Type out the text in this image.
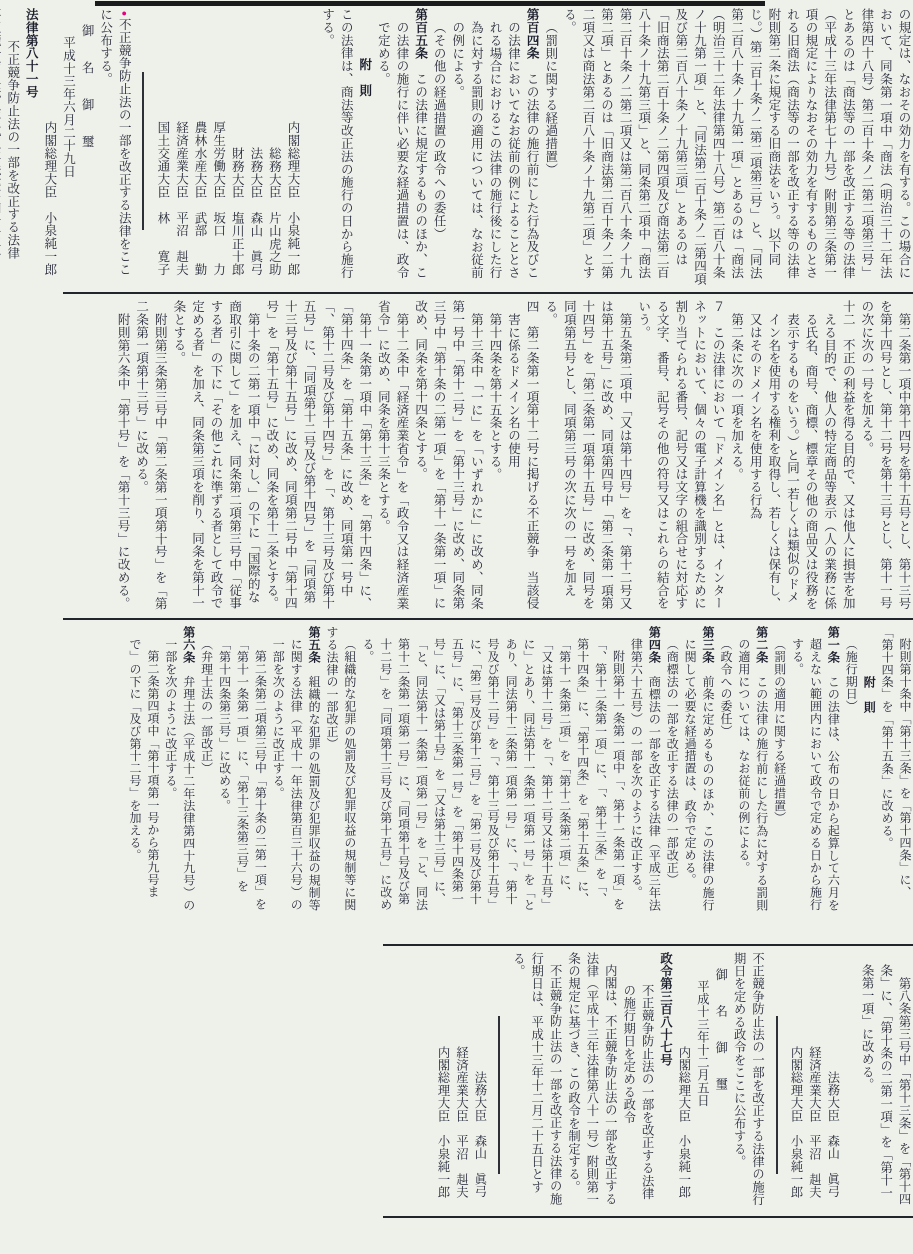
の規定は、なおその効力を有する。この場合において、同条第一項中「商法（明治三十二年法律第四十八号）第二百十条ノ二第二項第三号」とあるのは「商法等の一部を改正する等の法律（平成十三年法律第七十九号）附則第三条第一項の規定によりなおその効力を有するものとされる旧商法（商法等の一部を改正する等の法律附則第二条に規定する旧商法をいう。以下同じ。）第二百十条ノ二第二項第三号」と、「同法第二百八十条ノ十九第一項」とあるのは「商法（明治三十二年法律第四十八号）第二百八十条ノ十九第一項」と、「同法第二百十条ノ二第四項及び第二百八十条ノ十九第三項」とあるのは「旧商法第二百十条ノ二第四項及び商法第二百八十条ノ十九第三項」と、同条第二項中「商法第二百十条ノ二第二項又は第二百八十条ノ十九第二項」とあるのは「旧商法第二百十条ノ二第二項又は商法第二百八十条ノ十九第二項」とする。
（罰則に関する経過措置）
第百四条　この法律の施行前にした行為及びこの法律においてなお従前の例によることとされる場合におけるこの法律の施行後にした行為に対する罰則の適用については、なお従前の例による。
（その他の経過措置の政令への委任）
第百五条　この法律に規定するもののほか、この法律の施行に伴い必要な経過措置は、政令で定める。
附　則
この法律は、商法等改正法の施行の日から施行する。
内閣総理大臣　小泉純一郎
総務大臣　片山虎之助
法務大臣　森山　眞弓
財務大臣　塩川正十郎
厚生労働大臣　坂口　　力
農林水産大臣　武部　　勤
経済産業大臣　平沼　赳夫
国土交通大臣　林　　寛子
●不正競争防止法の一部を改正する法律をここに公布する。
御　名　御　璽
平成十三年六月二十九日
内閣総理大臣　小泉純一郎
法律第八十一号
不正競争防止法の一部を改正する法律
第二条第一項中第十四号を第十五号とし、第十三号を第十四号とし、第十二号を第十三号とし、第十一号の次に次の一号を加える。
十二　不正の利益を得る目的で、又は他人に損害を加える目的で、他人の特定商品等表示（人の業務に係る氏名、商号、商標、標章その他の商品又は役務を表示するものをいう。）と同一若しくは類似のドメイン名を使用する権利を取得し、若しくは保有し、又はそのドメイン名を使用する行為
第二条に次の一項を加える。
７　この法律において「ドメイン名」とは、インターネットにおいて、個々の電子計算機を識別するために割り当てられる番号、記号又は文字の組合せに対応する文字、番号、記号その他の符号又はこれらの結合をいう。
第五条第二項中「又は第十四号」を「、第十二号又は第十五号」に改め、同項第四号中「第二条第一項第十四号」を「第二条第一項第十五号」に改め、同号を同項第五号とし、同項第三号の次に次の一号を加える。
四　第二条第一項第十二号に掲げる不正競争　当該侵害に係るドメイン名の使用
第十四条を第十五条とする。
第十三条中「一に」を「いずれかに」に改め、同条第一号中「第十二号」を「第十三号」に改め、同条第三号中「第十条の二第一項」を「第十一条第一項」に改め、同条を第十四条とする。
第十二条中「経済産業省令」を「政令又は経済産業省令」に改め、同条を第十三条とする。
第十一条第一項中「第十三条」を「第十四条」に、「第十四条」を「第十五条」に改め、同項第一号中「、第十二号及び第十四号」を「、第十三号及び第十五号」に、「同項第十二号及び第十四号」を「同項第十三号及び第十五号」に改め、同項第二号中「第十四号」を「第十五号」に改め、同条を第十二条とする。
第十条の二第一項中「に対し、」の下に「国際的な商取引に関して」を加え、同条第二項第三号中「従事する者」の下に「その他これに準ずる者として政令で定める者」を加え、同条第三項を削り、同条を第十一条とする。
附則第三条第三号中「第二条第一項第十号」を「第二条第一項第十三号」に改める。
附則第六条中「第十号」を「第十三号」に改める。
附則第十条中「第十三条」を「第十四条」に、「第十四条」を「第十五条」に改める。
附　則
（施行期日）
第一条　この法律は、公布の日から起算して六月を超えない範囲内において政令で定める日から施行する。
（罰則の適用に関する経過措置）
第二条　この法律の施行前にした行為に対する罰則の適用については、なお従前の例による。
（政令への委任）
第三条　前条に定めるもののほか、この法律の施行に関して必要な経過措置は、政令で定める。
（商標法の一部を改正する法律の一部改正）
第四条　商標法の一部を改正する法律（平成三年法律第六十五号）の一部を次のように改正する。
附則第十一条第一項中「、第十一条第一項」を「、第十二条第一項」に、「、第十三条」を「、第十四条」に、「第十四条」を「第十五条」に、「第十一条第二項」を「第十二条第二項」に、「又は第十二号」を「、第十二号又は第十五号」に」とあり、同法第十一条第一項第一号」を「とあり、同法第十二条第一項第一号」に、「、第十号及び第十二号」を「、第十三号及び第十五号」に、「第二号及び第十二号」を「第二号及び第十五号」に、「第十三条第一号」を「第十四条第一号」に、「又は第十号」を「又は第十三号」に、「と、同法第十一条第一項第一号」を「と、同法第十二条第一項第一号」に、「同項第十号及び第十二号」を「同項第十三号及び第十五号」に改める。
（組織的な犯罪の処罰及び犯罪収益の規制等に関する法律の一部改正）
第五条　組織的な犯罪の処罰及び犯罪収益の規制等に関する法律（平成十一年法律第百三十六号）の一部を次のように改正する。
第二条第二項第三号中「第十条の二第一項」を「第十一条第一項」に、「第十三条第三号」を「第十四条第三号」に改める。
（弁理士法の一部改正）
第六条　弁理士法（平成十二年法律第四十九号）の一部を次のように改正する。
第二条第四項中「第十項第一号から第九号まで」の下に「及び第十二号」を加える。
第八条第三号中「第十三条」を「第十四条」に、「第十条の二第一項」を「第十一条第一項」に改める。
法務大臣　森山　眞弓
経済産業大臣　平沼　赳夫
内閣総理大臣　小泉純一郎
不正競争防止法の一部を改正する法律の施行期日を定める政令をここに公布する。
御　名　御　璽
平成十三年十二月五日
内閣総理大臣　小泉純一郎
政令第三百八十七号
不正競争防止法の一部を改正する法律の施行期日を定める政令
内閣は、不正競争防止法の一部を改正する法律（平成十三年法律第八十一号）附則第一条の規定に基づき、この政令を制定する。
不正競争防止法の一部を改正する法律の施行期日は、平成十三年十二月二十五日とする。
法務大臣　森山　眞弓
経済産業大臣　平沼　赳夫
内閣総理大臣　小泉純一郎
